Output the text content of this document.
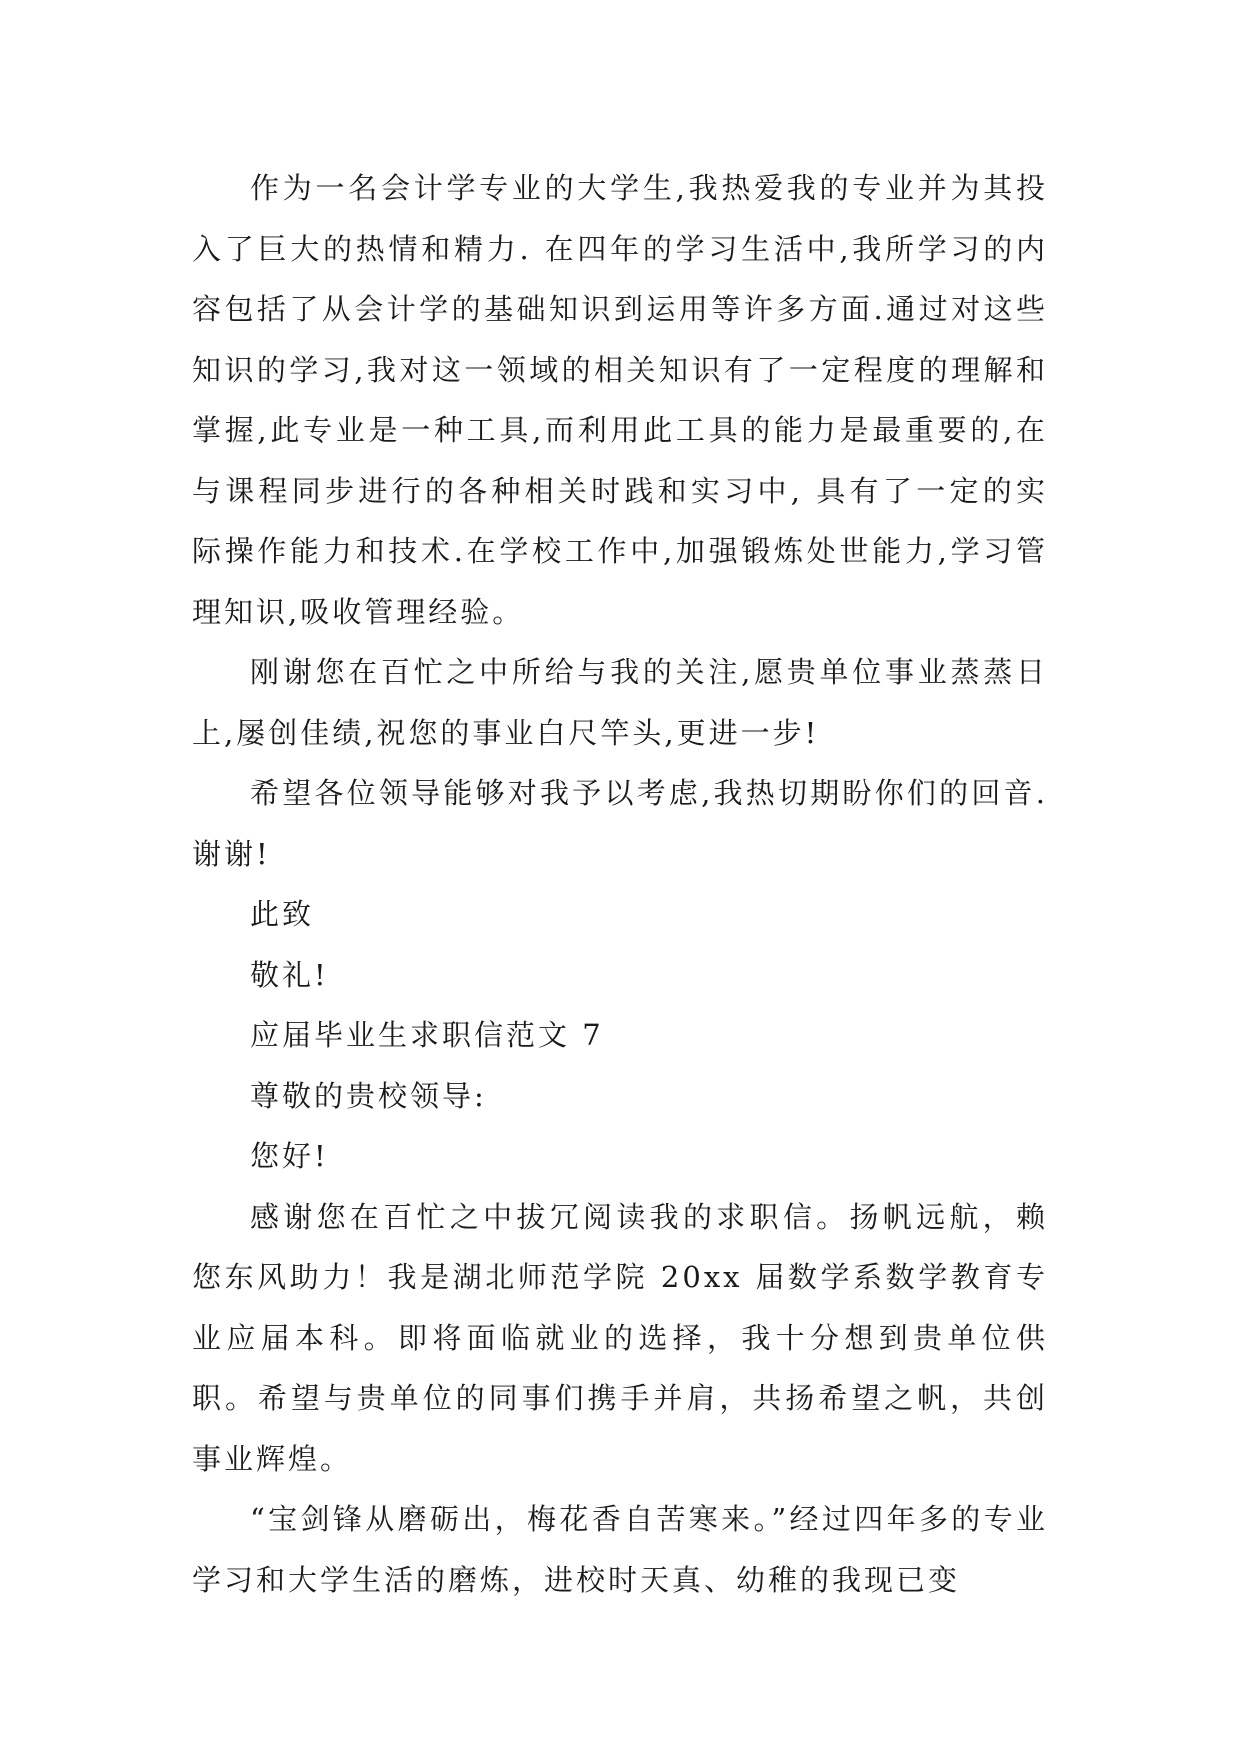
作为一名会计学专业的大学生,我热爱我的专业并为其投入了巨大的热情和精力. 在四年的学习生活中,我所学习的内容包括了从会计学的基础知识到运用等许多方面.通过对这些知识的学习,我对这一领域的相关知识有了一定程度的理解和掌握,此专业是一种工具,而利用此工具的能力是最重要的,在与课程同步进行的各种相关时践和实习中, 具有了一定的实际操作能力和技术.在学校工作中,加强锻炼处世能力,学习管理知识,吸收管理经验。

刚谢您在百忙之中所给与我的关注,愿贵单位事业蒸蒸日上,屡创佳绩,祝您的事业白尺竿头,更进一步!

希望各位领导能够对我予以考虑,我热切期盼你们的回音.谢谢!

此致

敬礼!

应届毕业生求职信范文 7

尊敬的贵校领导:

您好!

感谢您在百忙之中拔冗阅读我的求职信。扬帆远航，赖您东风助力！我是湖北师范学院 20xx 届数学系数学教育专业应届本科。即将面临就业的选择，我十分想到贵单位供职。希望与贵单位的同事们携手并肩，共扬希望之帆，共创事业辉煌。

“宝剑锋从磨砺出，梅花香自苦寒来。”经过四年多的专业学习和大学生活的磨炼，进校时天真、幼稚的我现已变
